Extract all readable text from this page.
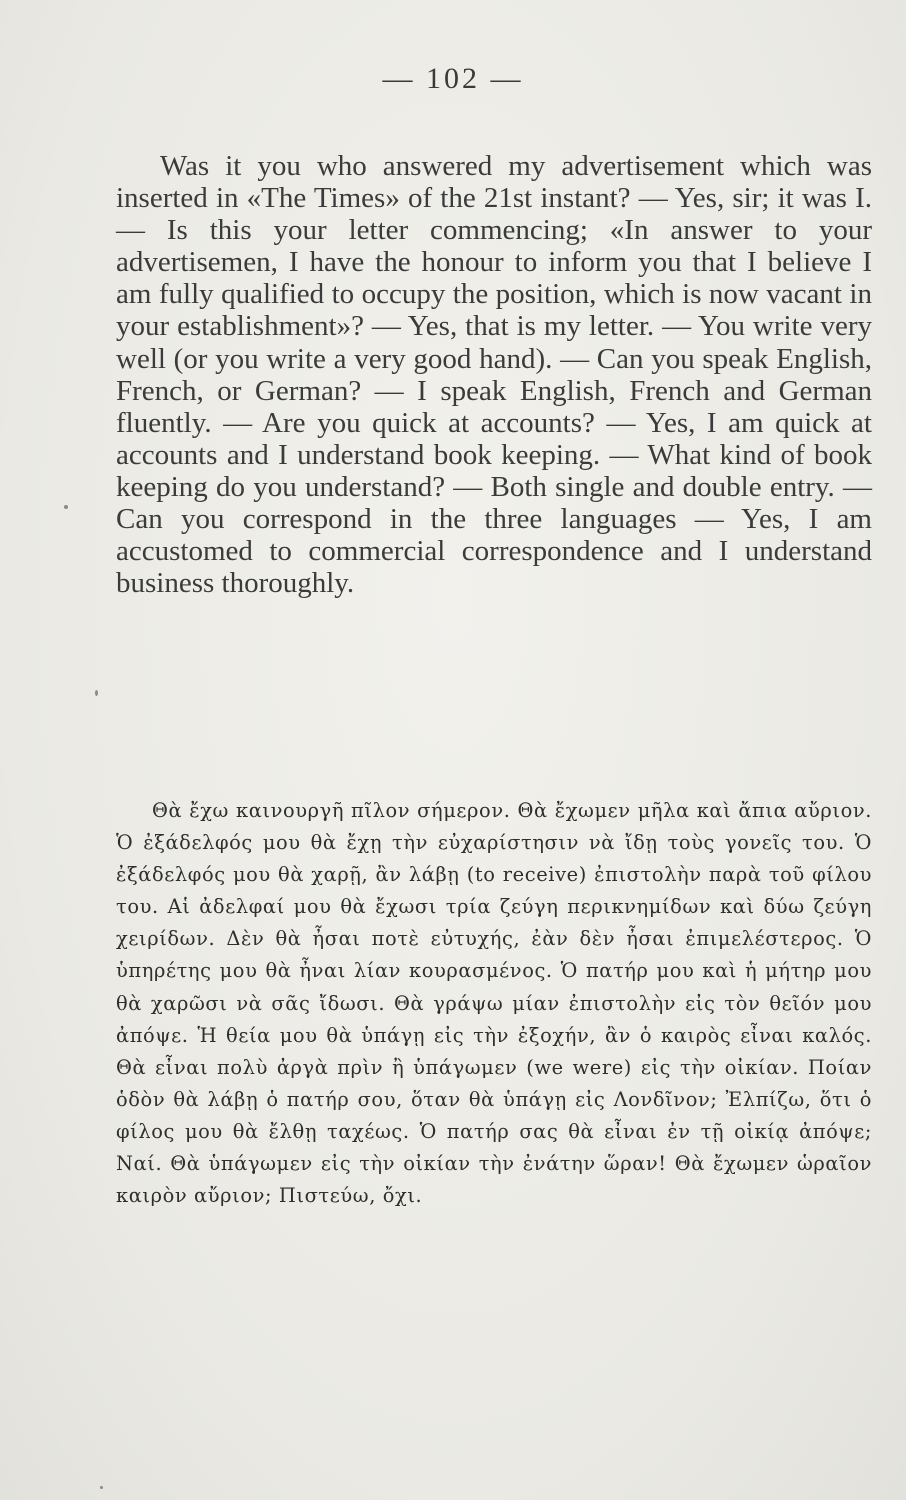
— 102 —

Was it you who answered my advertisement which was inserted in «The Times» of the 21st instant? — Yes, sir; it was I. — Is this your letter commencing; «In answer to your advertisemen, I have the honour to inform you that I believe I am fully qualified to occupy the position, which is now vacant in your establishment»? — Yes, that is my letter. — You write very well (or you write a very good hand). — Can you speak English, French, or German? — I speak English, French and German fluently. — Are you quick at accounts? — Yes, I am quick at accounts and I understand book keeping. — What kind of book keeping do you understand? — Both single and double entry. — Can you correspond in the three languages — Yes, I am accustomed to commercial correspondence and I understand business thoroughly.

Θὰ ἔχω καινουργῆ πῖλον σήμερον. Θὰ ἔχωμεν μῆλα καὶ ἄπια αὔριον. Ὁ ἐξάδελφός μου θὰ ἔχῃ τὴν εὐχαρίστησιν νὰ ἴδῃ τοὺς γονεῖς του. Ὁ ἐξάδελφός μου θὰ χαρῇ, ἂν λάβῃ (to receive) ἐπιστολὴν παρὰ τοῦ φίλου του. Αἱ ἀδελφαί μου θὰ ἔχωσι τρία ζεύγη περικνημίδων καὶ δύω ζεύγη χειρίδων. Δὲν θὰ ἦσαι ποτὲ εὐτυχής, ἐὰν δὲν ἦσαι ἐπιμελέστερος. Ὁ ὑπηρέτης μου θὰ ἦναι λίαν κουρασμένος. Ὁ πατήρ μου καὶ ἡ μήτηρ μου θὰ χαρῶσι νὰ σᾶς ἴδωσι. Θὰ γράψω μίαν ἐπιστολὴν εἰς τὸν θεῖόν μου ἀπόψε. Ἡ θεία μου θὰ ὑπάγῃ εἰς τὴν ἐξοχήν, ἂν ὁ καιρὸς εἶναι καλός. Θὰ εἶναι πολὺ ἀργὰ πρὶν ἢ ὑπάγωμεν (we were) εἰς τὴν οἰκίαν. Ποίαν ὁδὸν θὰ λάβῃ ὁ πατήρ σου, ὅταν θὰ ὑπάγῃ εἰς Λονδῖνον; Ἐλπίζω, ὅτι ὁ φίλος μου θὰ ἔλθῃ ταχέως. Ὁ πατήρ σας θὰ εἶναι ἐν τῇ οἰκίᾳ ἀπόψε; Ναί. Θὰ ὑπάγωμεν εἰς τὴν οἰκίαν τὴν ἐνάτην ὥραν! Θὰ ἔχωμεν ὡραῖον καιρὸν αὔριον; Πιστεύω, ὄχι.
